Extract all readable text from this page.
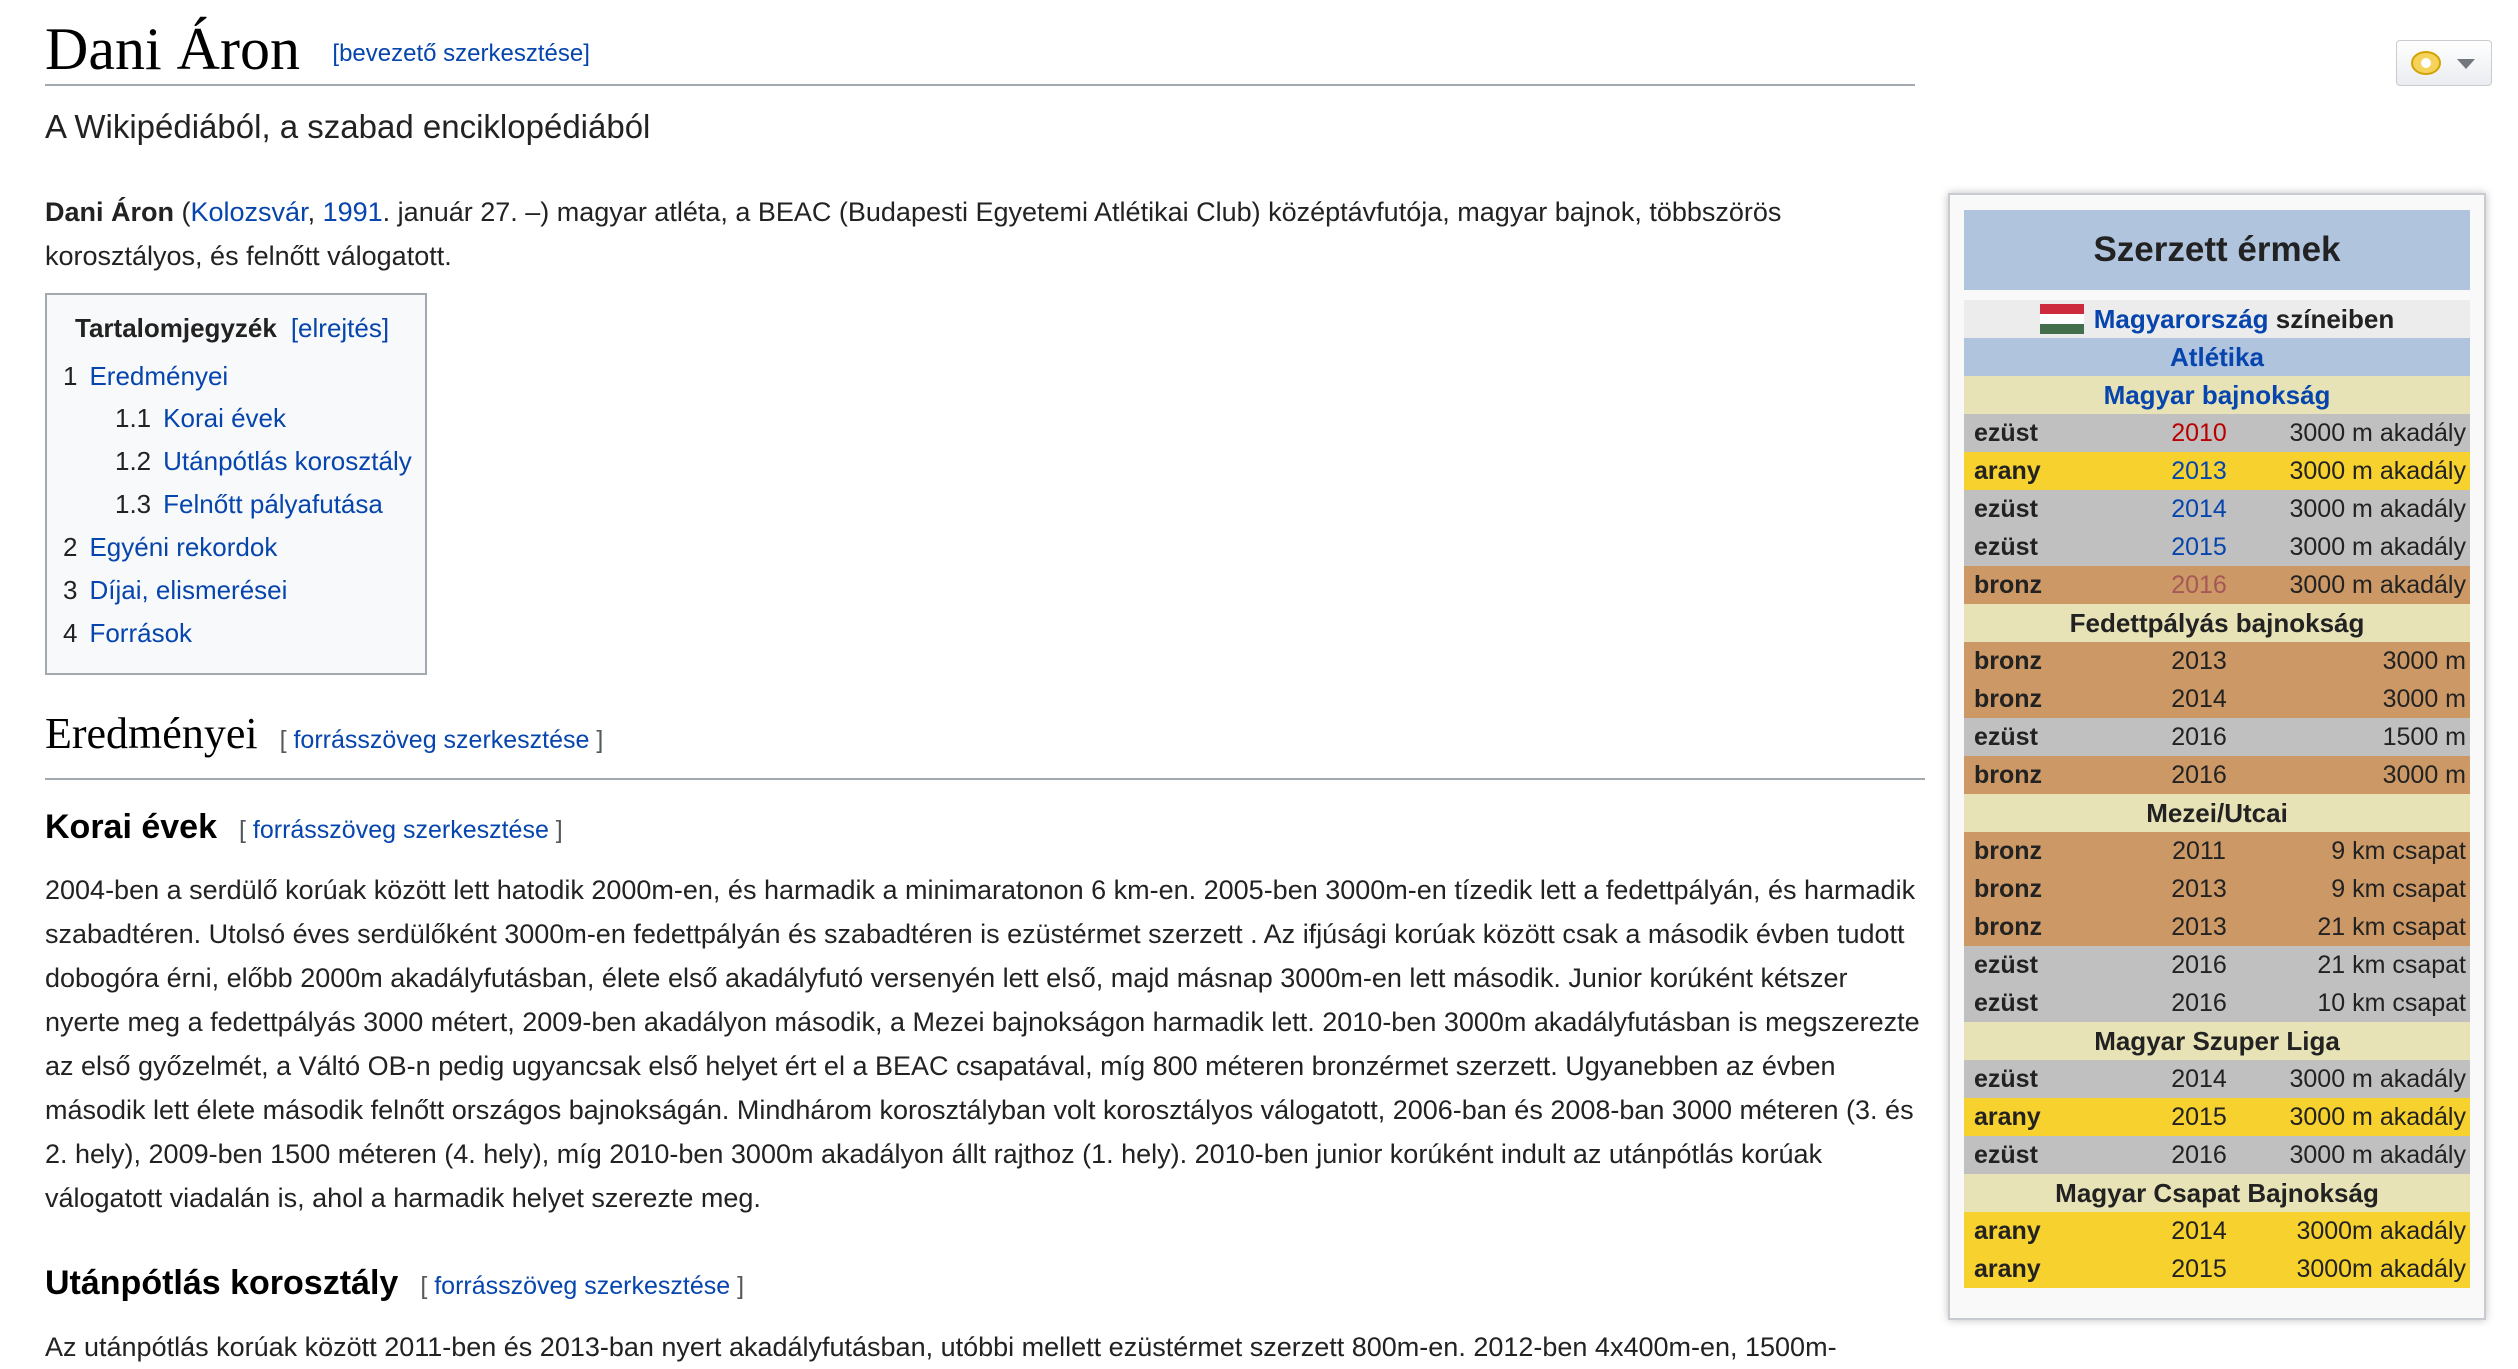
Dani Áron [bevezető szerkesztése]
A Wikipédiából, a szabad enciklopédiából
Dani Áron (Kolozsvár, 1991. január 27. –) magyar atléta, a BEAC (Budapesti Egyetemi Atlétikai Club) középtávfutója, magyar bajnok, többszörös korosztályos, és felnőtt válogatott.
Tartalomjegyzék [elrejtés]
1 Eredményei
1.1 Korai évek
1.2 Utánpótlás korosztály
1.3 Felnőtt pályafutása
2 Egyéni rekordok
3 Díjai, elismerései
4 Források
Eredményei [ forrásszöveg szerkesztése ]
Korai évek [ forrásszöveg szerkesztése ]
2004-ben a serdülő korúak között lett hatodik 2000m-en, és harmadik a minimaratonon 6 km-en. 2005-ben 3000m-en tízedik lett a fedettpályán, és harmadik szabadtéren. Utolsó éves serdülőként 3000m-en fedettpályán és szabadtéren is ezüstérmet szerzett . Az ifjúsági korúak között csak a második évben tudott dobogóra érni, előbb 2000m akadályfutásban, élete első akadályfutó versenyén lett első, majd másnap 3000m-en lett második. Junior korúként kétszer nyerte meg a fedettpályás 3000 métert, 2009-ben akadályon második, a Mezei bajnokságon harmadik lett. 2010-ben 3000m akadályfutásban is megszerezte az első győzelmét, a Váltó OB-n pedig ugyancsak első helyet ért el a BEAC csapatával, míg 800 méteren bronzérmet szerzett. Ugyanebben az évben második lett élete második felnőtt országos bajnokságán. Mindhárom korosztályban volt korosztályos válogatott, 2006-ban és 2008-ban 3000 méteren (3. és 2. hely), 2009-ben 1500 méteren (4. hely), míg 2010-ben 3000m akadályon állt rajthoz (1. hely). 2010-ben junior korúként indult az utánpótlás korúak válogatott viadalán is, ahol a harmadik helyet szerezte meg.
Utánpótlás korosztály [ forrásszöveg szerkesztése ]
Az utánpótlás korúak között 2011-ben és 2013-ban nyert akadályfutásban, utóbbi mellett ezüstérmet szerzett 800m-en. 2012-ben 4x400m-en, 1500m-
Szerzett érmek
Magyarország színeiben
Atlétika
Magyar bajnokság
ezüst	2010	3000 m akadály
arany	2013	3000 m akadály
ezüst	2014	3000 m akadály
ezüst	2015	3000 m akadály
bronz	2016	3000 m akadály
Fedettpályás bajnokság
bronz	2013	3000 m
bronz	2014	3000 m
ezüst	2016	1500 m
bronz	2016	3000 m
Mezei/Utcai
bronz	2011	9 km csapat
bronz	2013	9 km csapat
bronz	2013	21 km csapat
ezüst	2016	21 km csapat
ezüst	2016	10 km csapat
Magyar Szuper Liga
ezüst	2014	3000 m akadály
arany	2015	3000 m akadály
ezüst	2016	3000 m akadály
Magyar Csapat Bajnokság
arany	2014	3000m akadály
arany	2015	3000m akadály
